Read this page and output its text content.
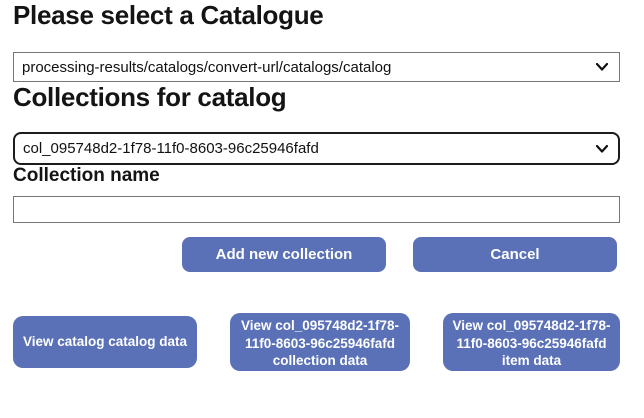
Please select a Catalogue
processing-results/catalogs/convert-url/catalogs/catalog
Collections for catalog
col_095748d2-1f78-11f0-8603-96c25946fafd
Collection name
Add new collection	Cancel
View catalog catalog data
View col_095748d2-1f78-11f0-8603-96c25946fafd collection data
View col_095748d2-1f78-11f0-8603-96c25946fafd item data
